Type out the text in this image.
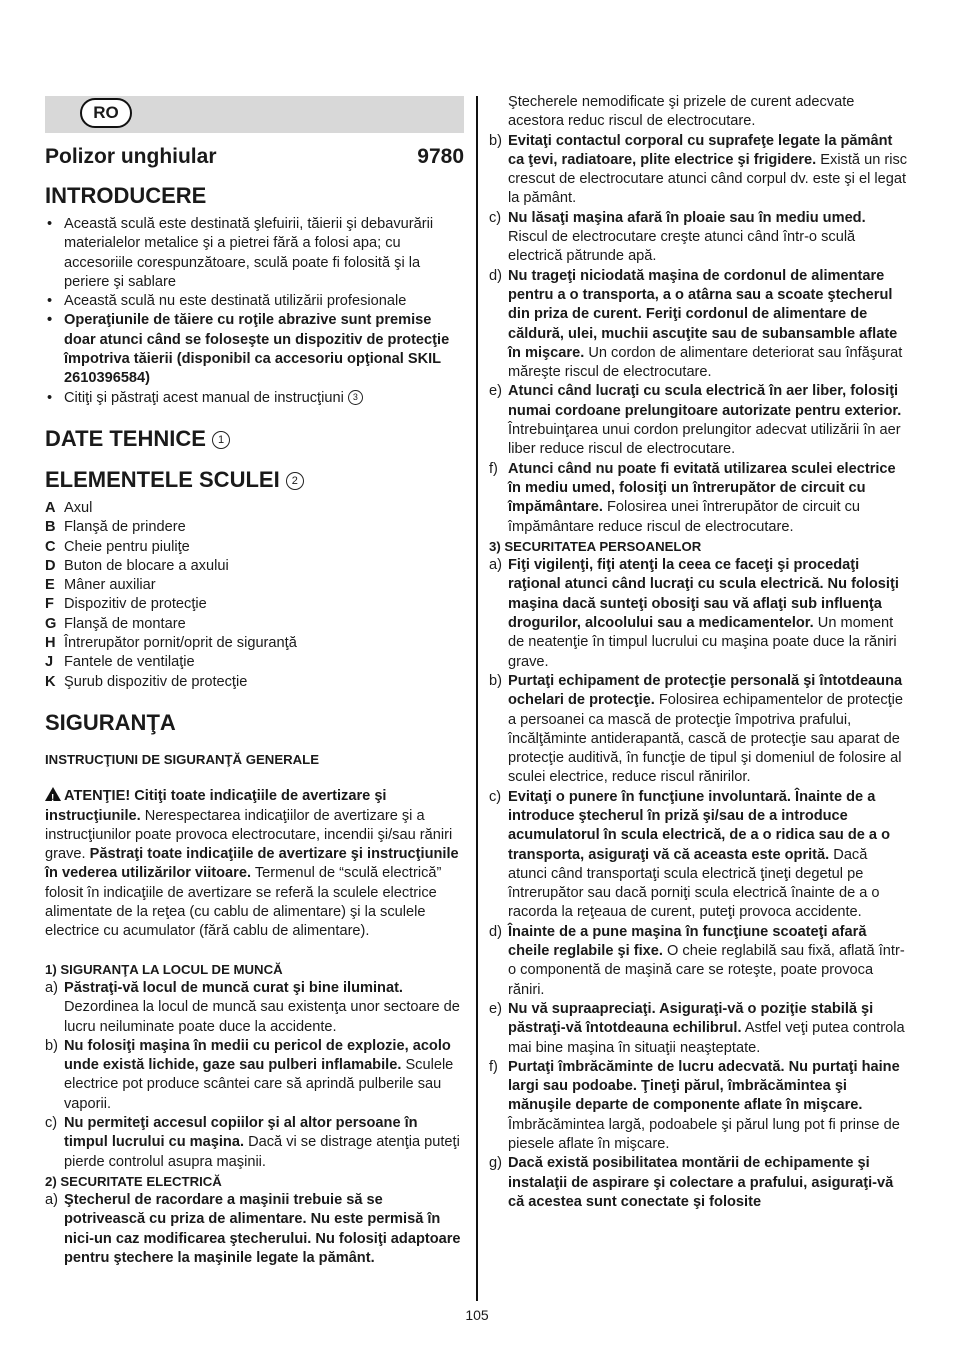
RO
Polizor unghiular	9780
INTRODUCERE
• Această sculă este destinată şlefuirii, tăierii şi debavurării materialelor metalice şi a pietrei fără a folosi apa; cu accesoriile corespunzătoare, sculă poate fi folosită şi la periere şi sablare
• Această sculă nu este destinată utilizării profesionale
• Operaţiunile de tăiere cu roţile abrazive sunt premise doar atunci când se foloseşte un dispozitiv de protecţie împotriva tăierii (disponibil ca accesoriu opţional SKIL 2610396584)
• Citiţi şi păstraţi acest manual de instrucţiuni 3
DATE TEHNICE 1
ELEMENTELE SCULEI 2
A Axul
B Flanşă de prindere
C Cheie pentru piuliţe
D Buton de blocare a axului
E Mâner auxiliar
F Dispozitiv de protecţie
G Flanşă de montare
H Întrerupător pornit/oprit de siguranţă
J Fantele de ventilaţie
K Şurub dispozitiv de protecţie
SIGURANŢA
INSTRUCŢIUNI DE SIGURANŢĂ GENERALE
!ATENŢIE! Citiţi toate indicaţiile de avertizare şi instrucţiunile. Nerespectarea indicaţiilor de avertizare şi a instrucţiunilor poate provoca electrocutare, incendii şi/sau răniri grave. Păstraţi toate indicaţiile de avertizare şi instrucţiunile în vederea utilizărilor viitoare. Termenul de “sculă electrică” folosit în indicaţiile de avertizare se referă la sculele electrice alimentate de la reţea (cu cablu de alimentare) şi la sculele electrice cu acumulator (fără cablu de alimentare).
1) SIGURANŢA LA LOCUL DE MUNCĂ
a) Păstraţi-vă locul de muncă curat şi bine iluminat. Dezordinea la locul de muncă sau existenţa unor sectoare de lucru neiluminate poate duce la accidente.
b) Nu folosiţi maşina în medii cu pericol de explozie, acolo unde există lichide, gaze sau pulberi inflamabile. Sculele electrice pot produce scântei care să aprindă pulberile sau vaporii.
c) Nu permiteţi accesul copiilor şi al altor persoane în timpul lucrului cu maşina. Dacă vi se distrage atenţia puteţi pierde controlul asupra maşinii.
2) SECURITATE ELECTRICĂ
a) Ştecherul de racordare a maşinii trebuie să se potrivească cu priza de alimentare. Nu este permisă în nici-un caz modificarea ştecherului. Nu folosiţi adaptoare pentru ştechere la maşinile legate la pământ.
Ştecherele nemodificate şi prizele de curent adecvate acestora reduc riscul de electrocutare.
b) Evitaţi contactul corporal cu suprafeţe legate la pământ ca ţevi, radiatoare, plite electrice şi frigidere. Există un risc crescut de electrocutare atunci când corpul dv. este şi el legat la pământ.
c) Nu lăsaţi maşina afară în ploaie sau în mediu umed. Riscul de electrocutare creşte atunci când într-o sculă electrică pătrunde apă.
d) Nu trageţi niciodată maşina de cordonul de alimentare pentru a o transporta, a o atârna sau a scoate ştecherul din priza de curent. Feriţi cordonul de alimentare de căldură, ulei, muchii ascuţite sau de subansamble aflate în mişcare. Un cordon de alimentare deteriorat sau înfăşurat măreşte riscul de electrocutare.
e) Atunci când lucraţi cu scula electrică în aer liber, folosiţi numai cordoane prelungitoare autorizate pentru exterior. Întrebuinţarea unui cordon prelungitor adecvat utilizării în aer liber reduce riscul de electrocutare.
f) Atunci când nu poate fi evitată utilizarea sculei electrice în mediu umed, folosiţi un întrerupător de circuit cu împământare. Folosirea unei întrerupător de circuit cu împământare reduce riscul de electrocutare.
3) SECURITATEA PERSOANELOR
a) Fiţi vigilenţi, fiţi atenţi la ceea ce faceţi şi procedaţi raţional atunci când lucraţi cu scula electrică. Nu folosiţi maşina dacă sunteţi obosiţi sau vă aflaţi sub influenţa drogurilor, alcoolului sau a medicamentelor. Un moment de neatenţie în timpul lucrului cu maşina poate duce la răniri grave.
b) Purtaţi echipament de protecţie personală şi întotdeauna ochelari de protecţie. Folosirea echipamentelor de protecţie a persoanei ca mască de protecţie împotriva prafului, încălţăminte antiderapantă, cască de protecţie sau aparat de protecţie auditivă, în funcţie de tipul şi domeniul de folosire al sculei electrice, reduce riscul rănirilor.
c) Evitaţi o punere în funcţiune involuntară. Înainte de a introduce ştecherul în priză şi/sau de a introduce acumulatorul în scula electrică, de a o ridica sau de a o transporta, asiguraţi vă că aceasta este oprită. Dacă atunci când transportaţi scula electrică ţineţi degetul pe întrerupător sau dacă porniţi scula electrică înainte de a o racorda la reţeaua de curent, puteţi provoca accidente.
d) Înainte de a pune maşina în funcţiune scoateţi afară cheile reglabile şi fixe. O cheie reglabilă sau fixă, aflată într-o componentă de maşină care se roteşte, poate provoca răniri.
e) Nu vă supraapreciaţi. Asiguraţi-vă o poziţie stabilă şi păstraţi-vă întotdeauna echilibrul. Astfel veţi putea controla mai bine maşina în situaţii neaşteptate.
f) Purtaţi îmbrăcăminte de lucru adecvată. Nu purtaţi haine largi sau podoabe. Ţineţi părul, îmbrăcămintea şi mănuşile departe de componente aflate în mişcare. Îmbrăcămintea largă, podoabele şi părul lung pot fi prinse de piesele aflate în mişcare.
g) Dacă există posibilitatea montării de echipamente şi instalaţii de aspirare şi colectare a prafului, asiguraţi-vă că acestea sunt conectate şi folosite
105
